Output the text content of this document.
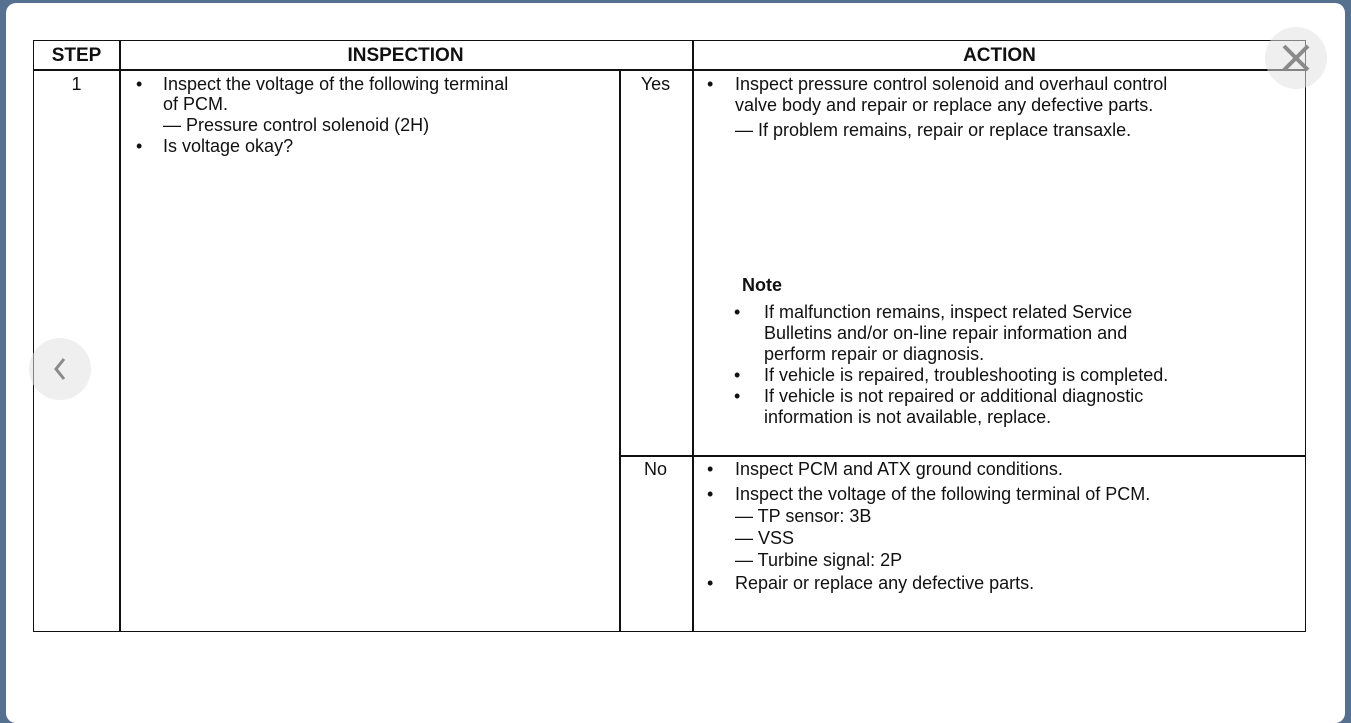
STEP	INSPECTION	ACTION
1	• Inspect the voltage of the following terminal
of PCM.
— Pressure control solenoid (2H)
• Is voltage okay?
Yes	• Inspect pressure control solenoid and overhaul control
valve body and repair or replace any defective parts.
— If problem remains, repair or replace transaxle.
Note
• If malfunction remains, inspect related Service
Bulletins and/or on-line repair information and
perform repair or diagnosis.
• If vehicle is repaired, troubleshooting is completed.
• If vehicle is not repaired or additional diagnostic
information is not available, replace.
No	• Inspect PCM and ATX ground conditions.
• Inspect the voltage of the following terminal of PCM.
— TP sensor: 3B
— VSS
— Turbine signal: 2P
• Repair or replace any defective parts.
